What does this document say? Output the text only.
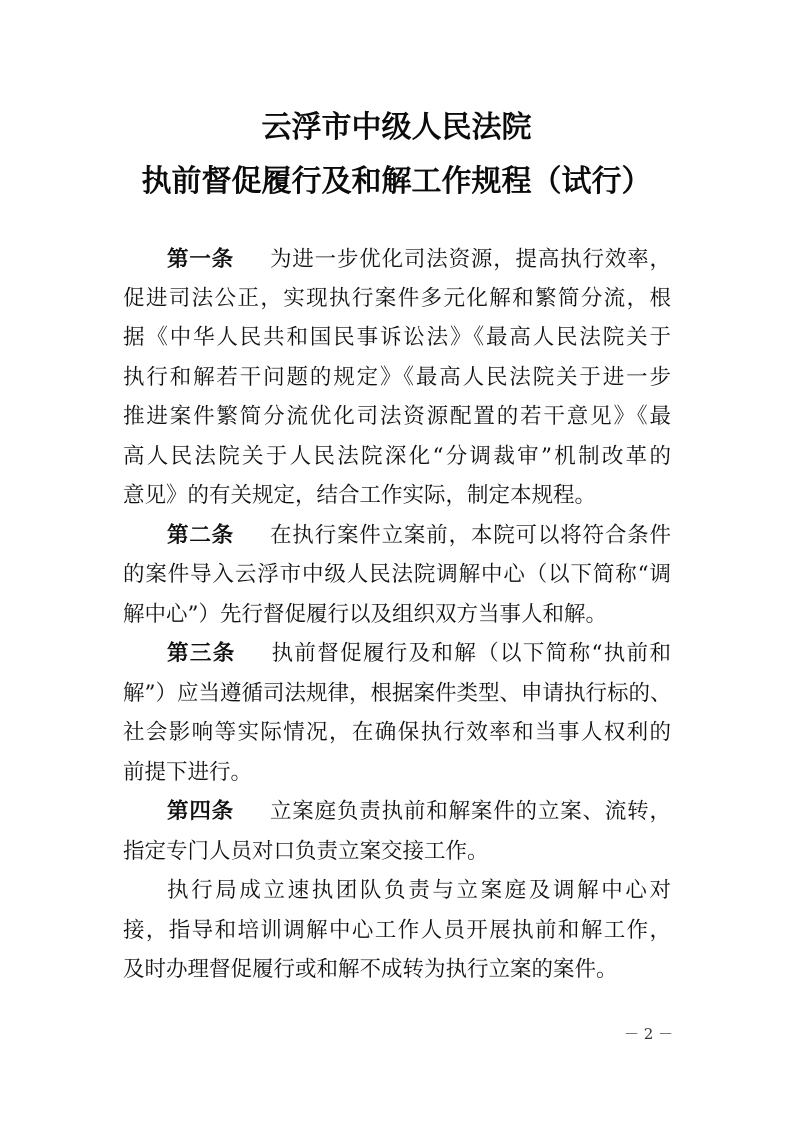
云浮市中级人民法院
执前督促履行及和解工作规程（试行）
第一条 为进一步优化司法资源，提高执行效率，
促进司法公正，实现执行案件多元化解和繁简分流，根
据《中华人民共和国民事诉讼法》《最高人民法院关于
执行和解若干问题的规定》《最高人民法院关于进一步
推进案件繁简分流优化司法资源配置的若干意见》《最
高人民法院关于人民法院深化“分调裁审”机制改革的
意见》的有关规定，结合工作实际，制定本规程。
第二条 在执行案件立案前，本院可以将符合条件
的案件导入云浮市中级人民法院调解中心（以下简称“调
解中心”）先行督促履行以及组织双方当事人和解。
第三条 执前督促履行及和解（以下简称“执前和
解”）应当遵循司法规律，根据案件类型、申请执行标的、
社会影响等实际情况，在确保执行效率和当事人权利的
前提下进行。
第四条 立案庭负责执前和解案件的立案、流转，
指定专门人员对口负责立案交接工作。
执行局成立速执团队负责与立案庭及调解中心对
接，指导和培训调解中心工作人员开展执前和解工作，
及时办理督促履行或和解不成转为执行立案的案件。
－ 2 －
